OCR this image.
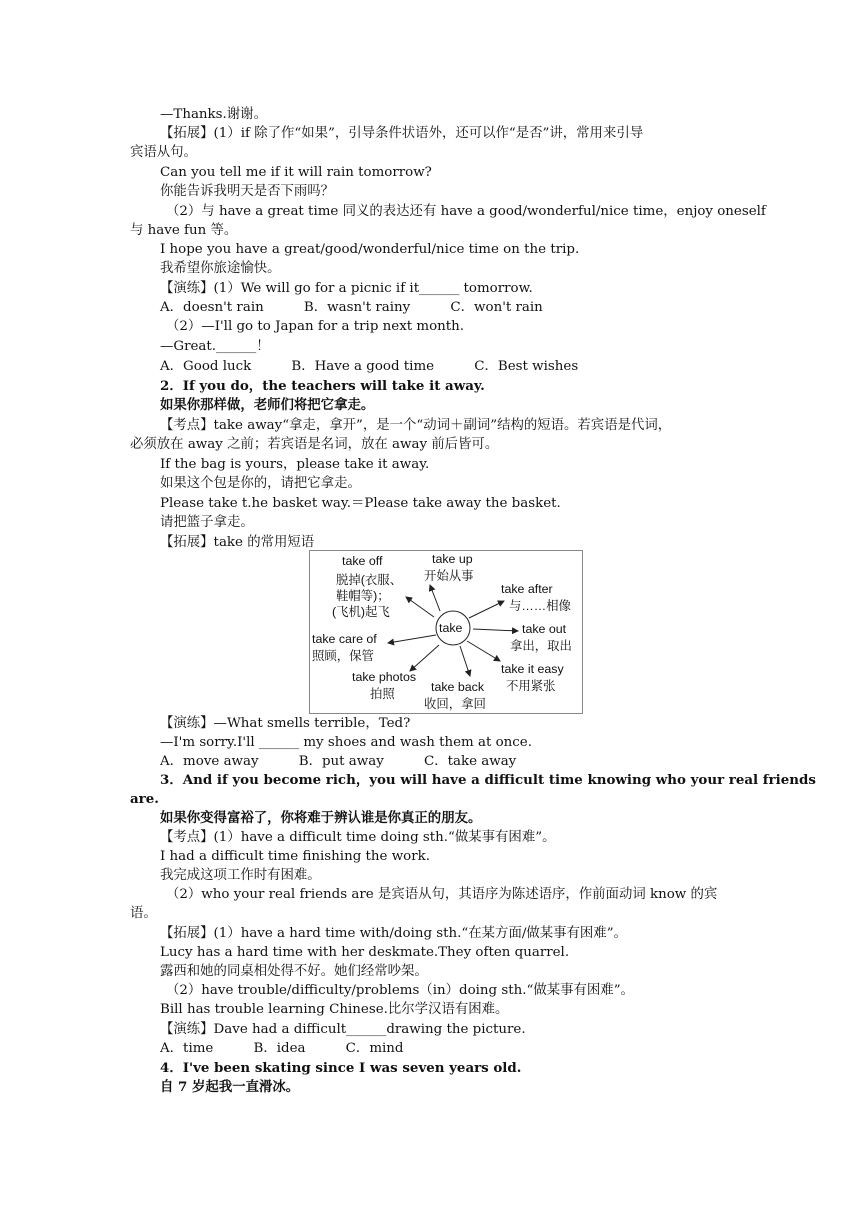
—Thanks.谢谢。
【拓展】(1）if 除了作“如果”，引导条件状语外，还可以作“是否”讲，常用来引导
宾语从句。
Can you tell me if it will rain tomorrow?
你能告诉我明天是否下雨吗？
（2）与 have a great time 同义的表达还有 have a good/wonderful/nice time，enjoy oneself
与 have fun 等。
I hope you have a great/good/wonderful/nice time on the trip.
我希望你旅途愉快。
【演练】(1）We will go for a picnic if it______ tomorrow.
A．doesn't rain　　　B．wasn't rainy　　　C．won't rain
（2）—I'll go to Japan for a trip next month.
—Great.______！
A．Good luck　　　B．Have a good time　　　C．Best wishes
2．If you do，the teachers will take it away.
如果你那样做，老师们将把它拿走。
【考点】take away“拿走，拿开”，是一个“动词＋副词”结构的短语。若宾语是代词，
必须放在 away 之前；若宾语是名词，放在 away 前后皆可。
If the bag is yours，please take it away.
如果这个包是你的，请把它拿走。
Please take t.he basket way.＝Please take away the basket.
请把篮子拿走。
【拓展】take 的常用短语
take
take off
脱掉(衣服、
鞋帽等)；
(飞机)起飞
take up
开始从事
take after
与……相像
take out
拿出，取出
take it easy
不用紧张
take back
收回，拿回
take photos
拍照
take care of
照顾，保管
【演练】—What smells terrible，Ted?
—I'm sorry.I'll ______ my shoes and wash them at once.
A．move away　　　B．put away　　　C．take away
3．And if you become rich，you will have a difficult time knowing who your real friends
are.
如果你变得富裕了，你将难于辨认谁是你真正的朋友。
【考点】(1）have a difficult time doing sth.“做某事有困难”。
I had a difficult time finishing the work.
我完成这项工作时有困难。
（2）who your real friends are 是宾语从句，其语序为陈述语序，作前面动词 know 的宾
语。
【拓展】(1）have a hard time with/doing sth.“在某方面/做某事有困难”。
Lucy has a hard time with her deskmate.They often quarrel.
露西和她的同桌相处得不好。她们经常吵架。
（2）have trouble/difficulty/problems（in）doing sth.“做某事有困难”。
Bill has trouble learning Chinese.比尔学汉语有困难。
【演练】Dave had a difficult______drawing the picture.
A．time　　　B．idea　　　C．mind
4．I've been skating since I was seven years old.
自 7 岁起我一直滑冰。
